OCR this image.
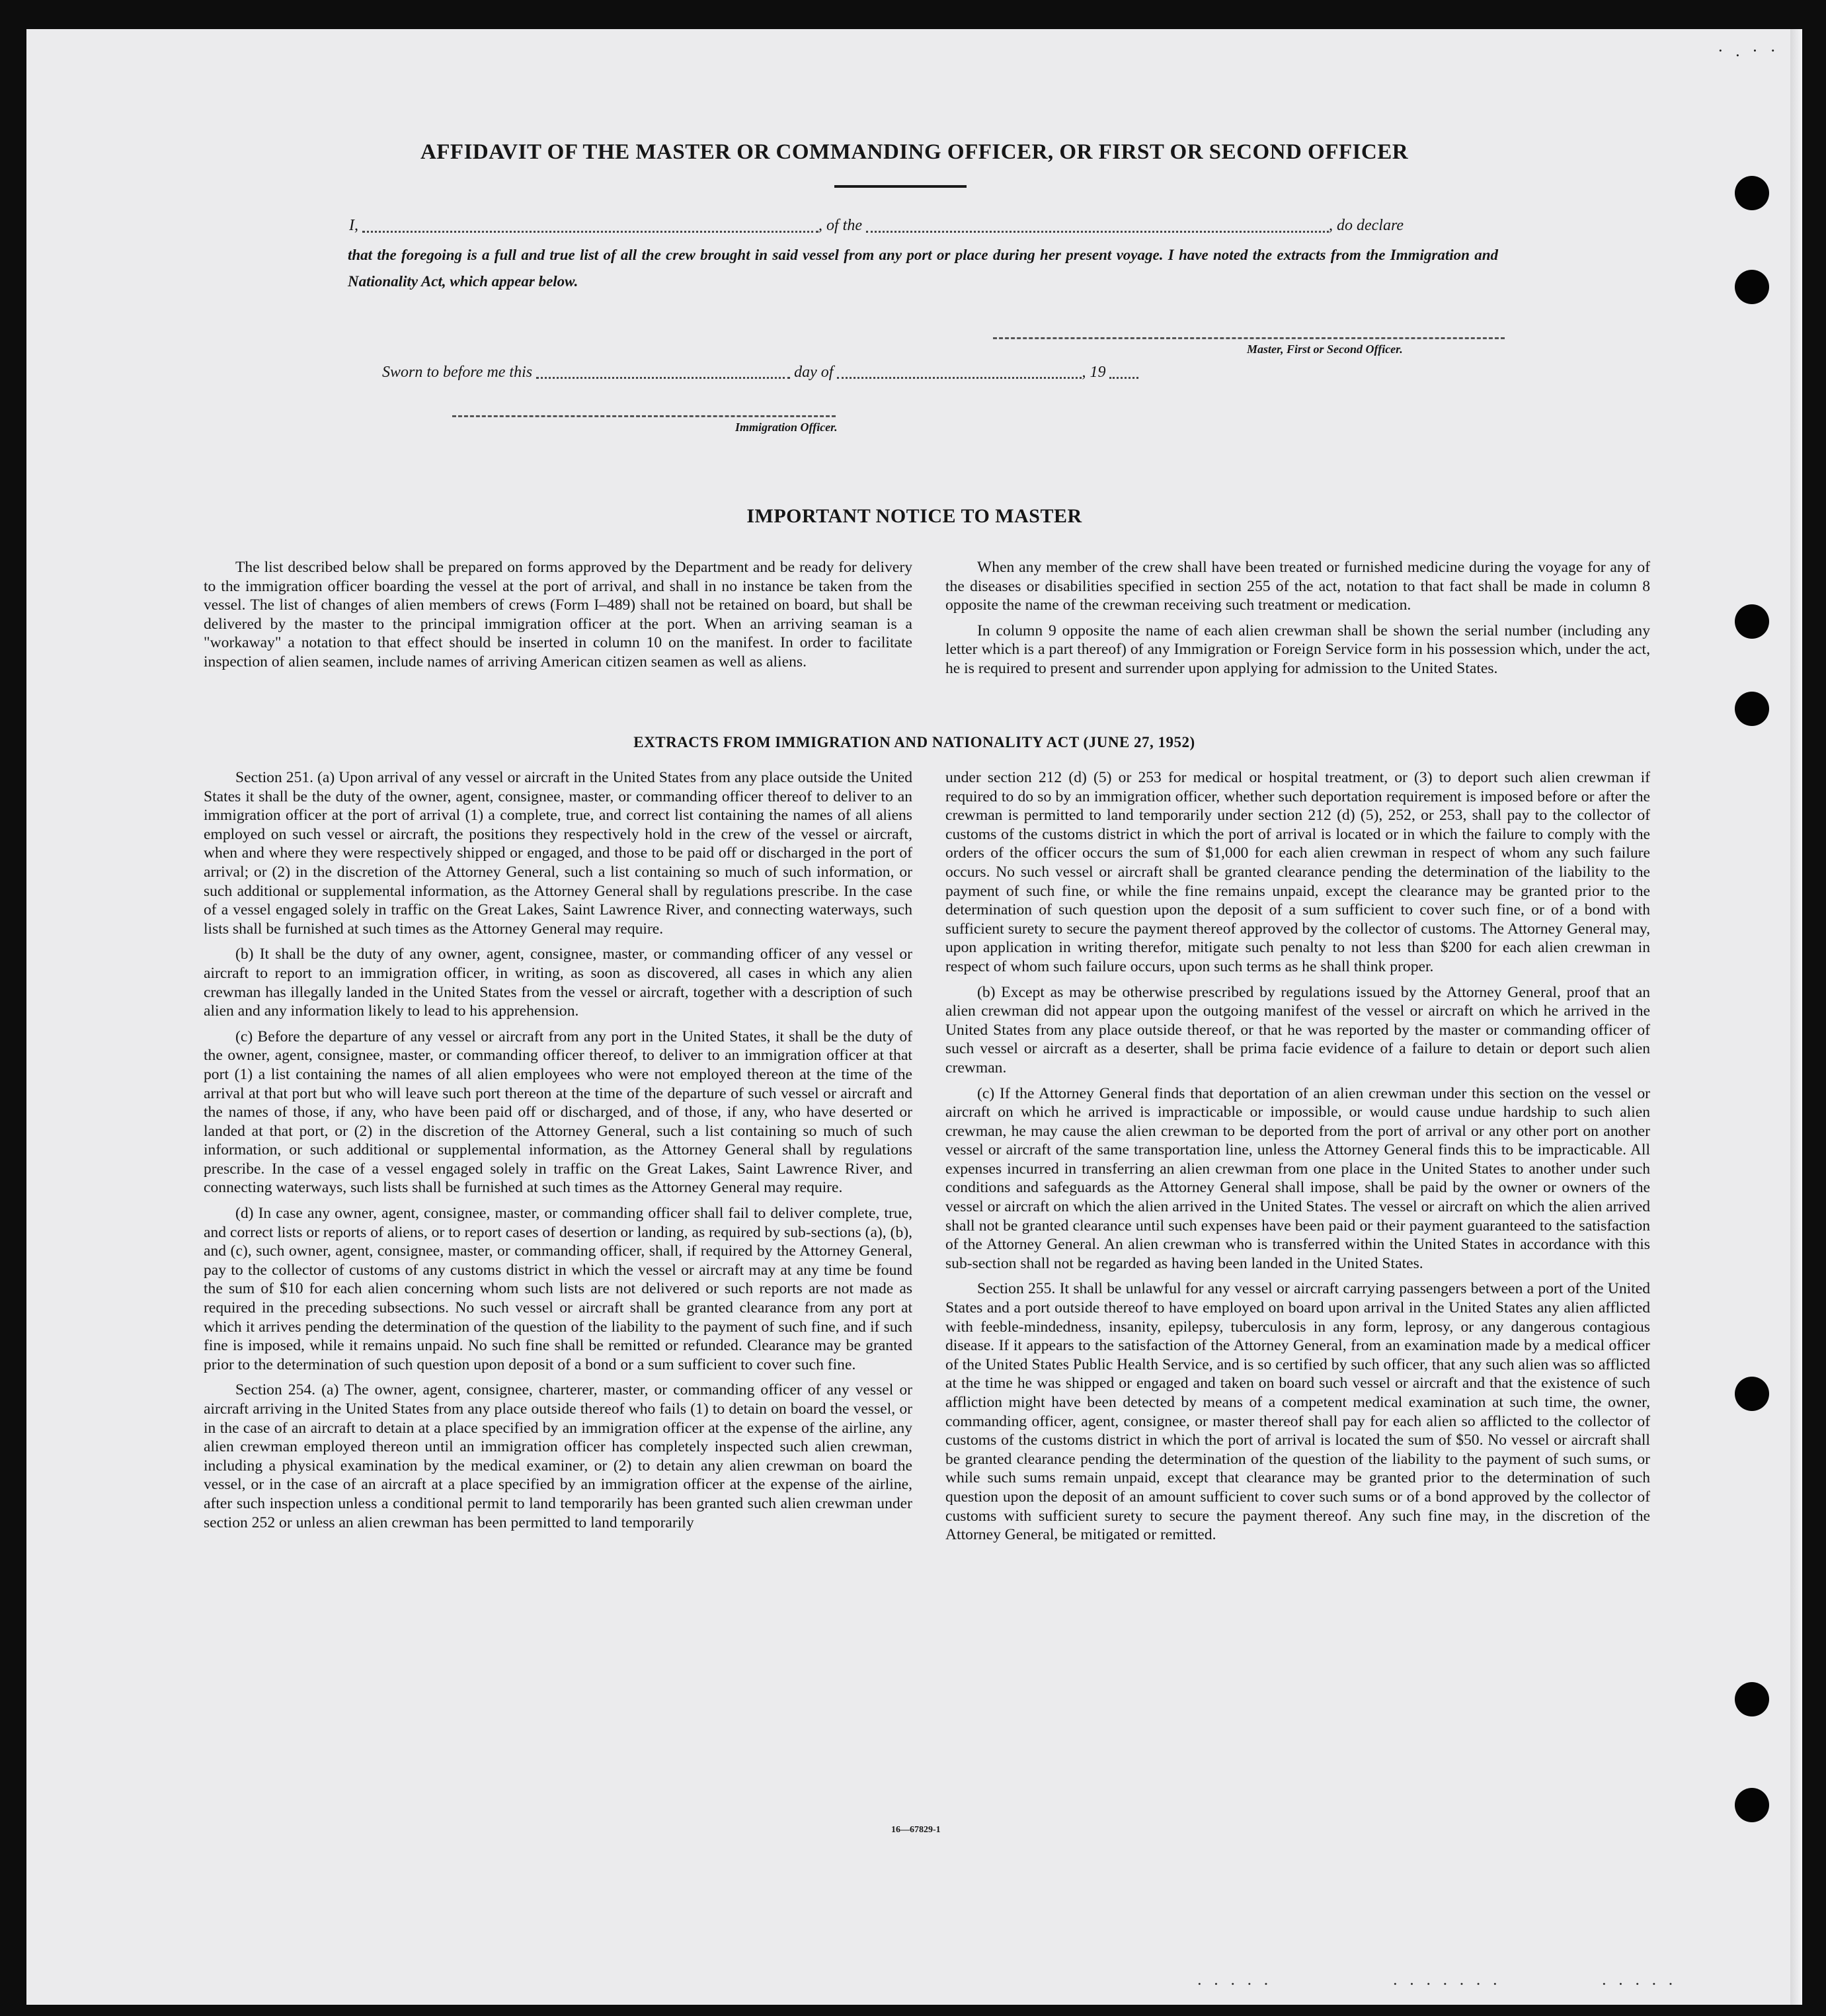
· . · ·
AFFIDAVIT OF THE MASTER OR COMMANDING OFFICER, OR FIRST OR SECOND OFFICER
I,	, of the	, do declare
that the foregoing is a full and true list of all the crew brought in said vessel from any port or place during her present voyage. I have noted the extracts from the Immigration and Nationality Act, which appear below.
Master, First or Second Officer.
Sworn to before me this	day of	, 19
Immigration Officer.
IMPORTANT NOTICE TO MASTER

The list described below shall be prepared on forms approved by the Department and be ready for delivery to the immigration officer boarding the vessel at the port of arrival, and shall in no instance be taken from the vessel. The list of changes of alien members of crews (Form I–489) shall not be retained on board, but shall be delivered by the master to the principal immigration officer at the port. When an arriving seaman is a "workaway" a notation to that effect should be inserted in column 10 on the manifest. In order to facilitate inspection of alien seamen, include names of arriving American citizen seamen as well as aliens.

When any member of the crew shall have been treated or furnished medicine during the voyage for any of the diseases or disabilities specified in section 255 of the act, notation to that fact shall be made in column 8 opposite the name of the crewman receiving such treatment or medication.

In column 9 opposite the name of each alien crewman shall be shown the serial number (including any letter which is a part thereof) of any Immigration or Foreign Service form in his possession which, under the act, he is required to present and surrender upon applying for admission to the United States.

EXTRACTS FROM IMMIGRATION AND NATIONALITY ACT (JUNE 27, 1952)

Section 251. (a) Upon arrival of any vessel or aircraft in the United States from any place outside the United States it shall be the duty of the owner, agent, consignee, master, or commanding officer thereof to deliver to an immigration officer at the port of arrival (1) a complete, true, and correct list containing the names of all aliens employed on such vessel or aircraft, the positions they respectively hold in the crew of the vessel or aircraft, when and where they were respectively shipped or engaged, and those to be paid off or discharged in the port of arrival; or (2) in the discretion of the Attorney General, such a list containing so much of such information, or such additional or supplemental information, as the Attorney General shall by regulations prescribe. In the case of a vessel engaged solely in traffic on the Great Lakes, Saint Lawrence River, and connecting waterways, such lists shall be furnished at such times as the Attorney General may require.

(b) It shall be the duty of any owner, agent, consignee, master, or commanding officer of any vessel or aircraft to report to an immigration officer, in writing, as soon as discovered, all cases in which any alien crewman has illegally landed in the United States from the vessel or aircraft, together with a description of such alien and any information likely to lead to his apprehension.

(c) Before the departure of any vessel or aircraft from any port in the United States, it shall be the duty of the owner, agent, consignee, master, or commanding officer thereof, to deliver to an immigration officer at that port (1) a list containing the names of all alien employees who were not employed thereon at the time of the arrival at that port but who will leave such port thereon at the time of the departure of such vessel or aircraft and the names of those, if any, who have been paid off or discharged, and of those, if any, who have deserted or landed at that port, or (2) in the discretion of the Attorney General, such a list containing so much of such information, or such additional or supplemental information, as the Attorney General shall by regulations prescribe. In the case of a vessel engaged solely in traffic on the Great Lakes, Saint Lawrence River, and connecting waterways, such lists shall be furnished at such times as the Attorney General may require.

(d) In case any owner, agent, consignee, master, or commanding officer shall fail to deliver complete, true, and correct lists or reports of aliens, or to report cases of desertion or landing, as required by sub-sections (a), (b), and (c), such owner, agent, consignee, master, or commanding officer, shall, if required by the Attorney General, pay to the collector of customs of any customs district in which the vessel or aircraft may at any time be found the sum of $10 for each alien concerning whom such lists are not delivered or such reports are not made as required in the preceding subsections. No such vessel or aircraft shall be granted clearance from any port at which it arrives pending the determination of the question of the liability to the payment of such fine, and if such fine is imposed, while it remains unpaid. No such fine shall be remitted or refunded. Clearance may be granted prior to the determination of such question upon deposit of a bond or a sum sufficient to cover such fine.

Section 254. (a) The owner, agent, consignee, charterer, master, or commanding officer of any vessel or aircraft arriving in the United States from any place outside thereof who fails (1) to detain on board the vessel, or in the case of an aircraft to detain at a place specified by an immigration officer at the expense of the airline, any alien crewman employed thereon until an immigration officer has completely inspected such alien crewman, including a physical examination by the medical examiner, or (2) to detain any alien crewman on board the vessel, or in the case of an aircraft at a place specified by an immigration officer at the expense of the airline, after such inspection unless a conditional permit to land temporarily has been granted such alien crewman under section 252 or unless an alien crewman has been permitted to land temporarily

under section 212 (d) (5) or 253 for medical or hospital treatment, or (3) to deport such alien crewman if required to do so by an immigration officer, whether such deportation requirement is imposed before or after the crewman is permitted to land temporarily under section 212 (d) (5), 252, or 253, shall pay to the collector of customs of the customs district in which the port of arrival is located or in which the failure to comply with the orders of the officer occurs the sum of $1,000 for each alien crewman in respect of whom any such failure occurs. No such vessel or aircraft shall be granted clearance pending the determination of the liability to the payment of such fine, or while the fine remains unpaid, except the clearance may be granted prior to the determination of such question upon the deposit of a sum sufficient to cover such fine, or of a bond with sufficient surety to secure the payment thereof approved by the collector of customs. The Attorney General may, upon application in writing therefor, mitigate such penalty to not less than $200 for each alien crewman in respect of whom such failure occurs, upon such terms as he shall think proper.

(b) Except as may be otherwise prescribed by regulations issued by the Attorney General, proof that an alien crewman did not appear upon the outgoing manifest of the vessel or aircraft on which he arrived in the United States from any place outside thereof, or that he was reported by the master or commanding officer of such vessel or aircraft as a deserter, shall be prima facie evidence of a failure to detain or deport such alien crewman.

(c) If the Attorney General finds that deportation of an alien crewman under this section on the vessel or aircraft on which he arrived is impracticable or impossible, or would cause undue hardship to such alien crewman, he may cause the alien crewman to be deported from the port of arrival or any other port on another vessel or aircraft of the same transportation line, unless the Attorney General finds this to be impracticable. All expenses incurred in transferring an alien crewman from one place in the United States to another under such conditions and safeguards as the Attorney General shall impose, shall be paid by the owner or owners of the vessel or aircraft on which the alien arrived in the United States. The vessel or aircraft on which the alien arrived shall not be granted clearance until such expenses have been paid or their payment guaranteed to the satisfaction of the Attorney General. An alien crewman who is transferred within the United States in accordance with this sub-section shall not be regarded as having been landed in the United States.

Section 255. It shall be unlawful for any vessel or aircraft carrying passengers between a port of the United States and a port outside thereof to have employed on board upon arrival in the United States any alien afflicted with feeble-mindedness, insanity, epilepsy, tuberculosis in any form, leprosy, or any dangerous contagious disease. If it appears to the satisfaction of the Attorney General, from an examination made by a medical officer of the United States Public Health Service, and is so certified by such officer, that any such alien was so afflicted at the time he was shipped or engaged and taken on board such vessel or aircraft and that the existence of such affliction might have been detected by means of a competent medical examination at such time, the owner, commanding officer, agent, consignee, or master thereof shall pay for each alien so afflicted to the collector of customs of the customs district in which the port of arrival is located the sum of $50. No vessel or aircraft shall be granted clearance pending the determination of the question of the liability to the payment of such sums, or while such sums remain unpaid, except that clearance may be granted prior to the determination of such question upon the deposit of an amount sufficient to cover such sums or of a bond approved by the collector of customs with sufficient surety to secure the payment thereof. Any such fine may, in the discretion of the Attorney General, be mitigated or remitted.

16—67829-1
· · · · ·	· · · · · · ·	· · · · ·
